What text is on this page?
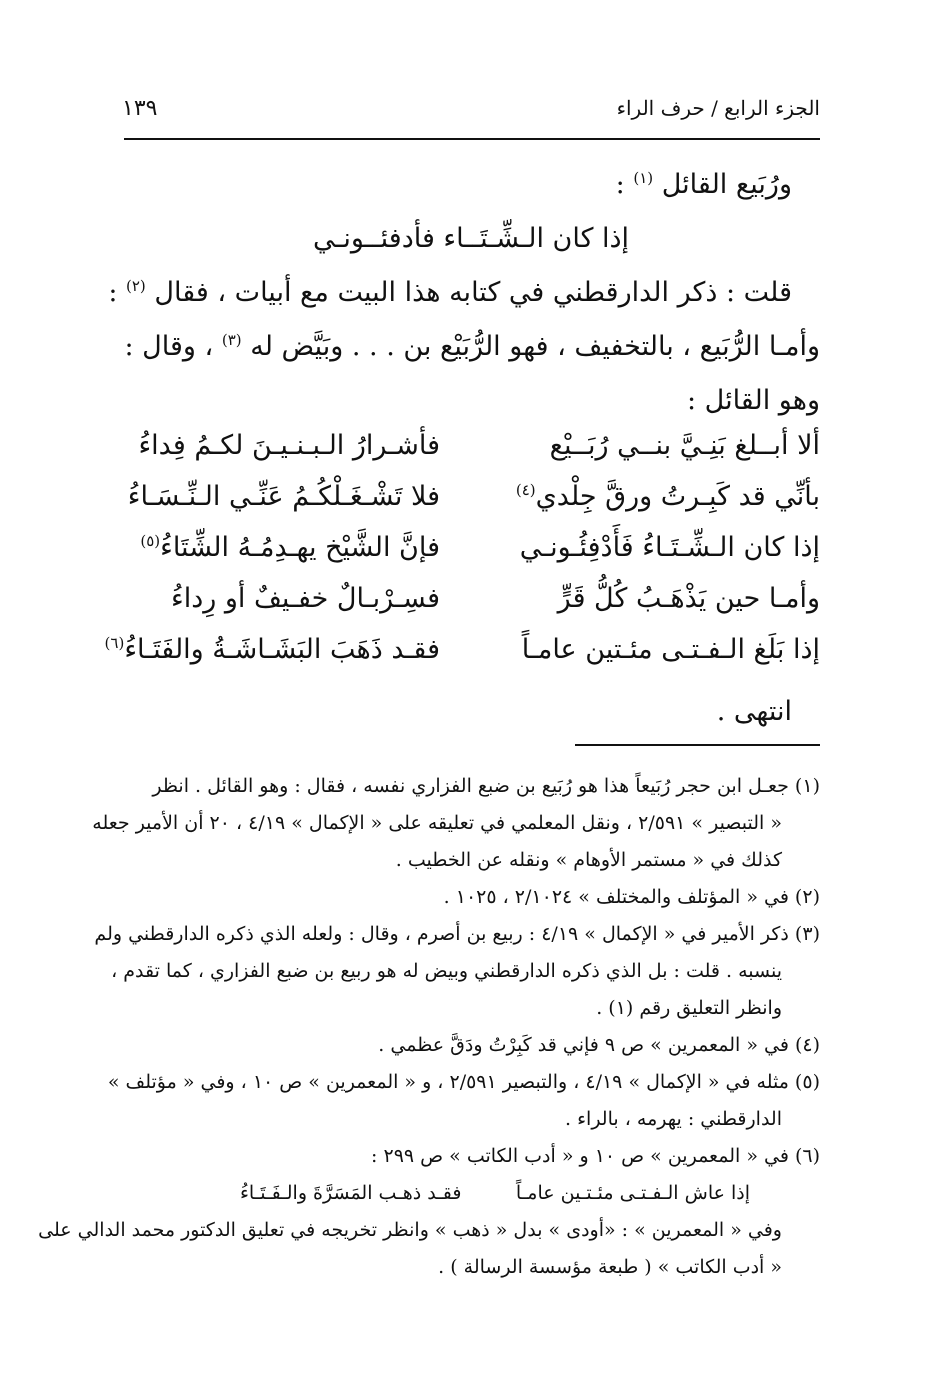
الجزء الرابع / حرف الراء
١٣٩
ورُبَيع القائل $^{(١)}$ :
إذا كان الـشِّـتَــاء فأدفئــونـي
قلت : ذكر الدارقطني في كتابه هذا البيت مع أبيات ، فقال $^{(٢)}$ :
وأمـا الرُّبَيع ، بالتخفيف ، فهو الرُّبَيْع بن . . . وبَيَّض له $^{(٣)}$ ، وقال :
وهو القائل :
ألا أبــلغ بَنِـيَّ بنــي رُبَــيْع
فأشـرارُ الـبـنـيـنَ لكـمُ فِداءُ
بأنِّي قد كَبِـرتُ ورقَّ جِلْدي$^{(٤)}$
فلا تَشْـغَـلْكُـمُ عَنِّـي الـنِّـسَـاءُ
إذا كان الـشِّـتَـاءُ فَأَدْفِئُـونـي
فإنَّ الشَّيْخ يهـدِمُـهُ الشِّتَاءُ$^{(٥)}$
وأمـا حين يَذْهَـبُ كُلُّ قَرٍّ
فسِـرْبـالٌ خفـيفٌ أو رِداءُ
إذا بَلَغ الـفـتـى مئـتين عامـاً
فقـد ذَهَبَ البَشَـاشَـةُ والفَتَـاءُ$^{(٦)}$
انتهى .
(١) جعـل ابن حجر رُبَيعاً هذا هو رُبَيع بن ضبع الفزاري نفسه ، فقال : وهو القائل . انظر
« التبصير » ٢/٥٩١ ، ونقل المعلمي في تعليقه على « الإكمال » ٤/١٩ ، ٢٠ أن الأمير جعله
كذلك في « مستمر الأوهام » ونقله عن الخطيب .
(٢) في « المؤتلف والمختلف » ٢/١٠٢٤ ، ١٠٢٥ .
(٣) ذكر الأمير في « الإكمال » ٤/١٩ : ربيع بن أصرم ، وقال : ولعله الذي ذكره الدارقطني ولم
ينسبه . قلت : بل الذي ذكره الدارقطني وبيض له هو ربيع بن ضبع الفزاري ، كما تقدم ،
وانظر التعليق رقم (١) .
(٤) في « المعمرين » ص ٩ فإني قد كَبِرْتُ ودَقَّ عظمي .
(٥) مثله في « الإكمال » ٤/١٩ ، والتبصير ٢/٥٩١ ، و « المعمرين » ص ١٠ ، وفي « مؤتلف »
الدارقطني : يهرمه ، بالراء .
(٦) في « المعمرين » ص ١٠ و « أدب الكاتب » ص ٢٩٩ :
إذا عاش الـفـتـى مئـتـين عامـاً
فقـد ذهـب المَسَرَّةَ والـفَـتَـاءُ
وفي « المعمرين » : «أودى » بدل « ذهب » وانظر تخريجه في تعليق الدكتور محمد الدالي على
« أدب الكاتب » ( طبعة مؤسسة الرسالة ) .
